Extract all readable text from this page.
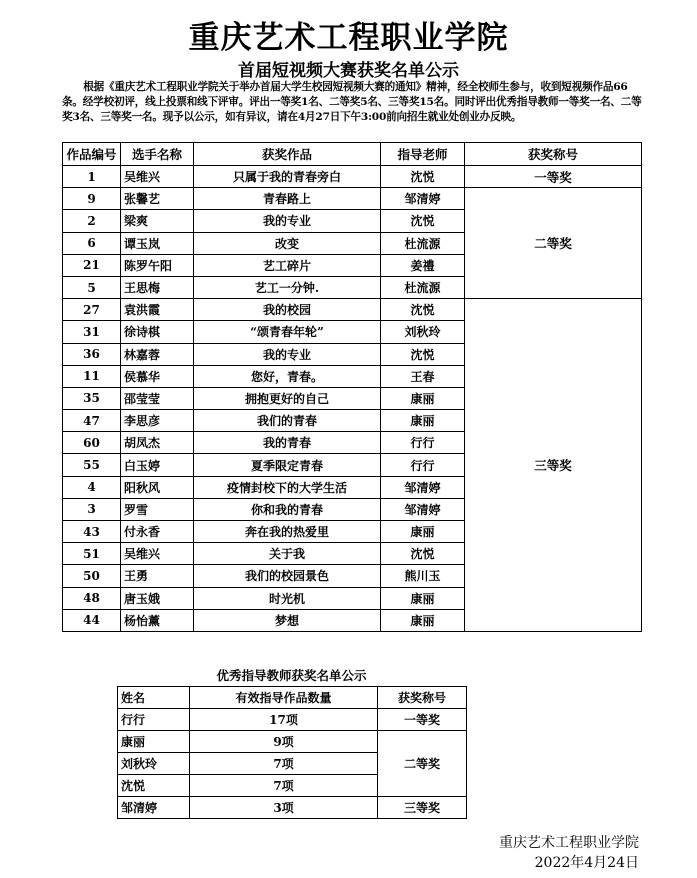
重庆艺术工程职业学院
首届短视频大赛获奖名单公示
根据《重庆艺术工程职业学院关于举办首届大学生校园短视频大赛的通知》精神，经全校师生参与，收到短视频作品66条。经学校初评，线上投票和线下评审。评出一等奖1名、二等奖5名、三等奖15名。同时评出优秀指导教师一等奖一名、二等奖3名、三等奖一名。现予以公示，如有异议，请在4月27日下午3:00前向招生就业处创业办反映。
作品编号	选手名称	获奖作品	指导老师	获奖称号
1	吴维兴	只属于我的青春旁白	沈悦	一等奖
9	张馨艺	青春路上	邹清婷	二等奖
2	梁爽	我的专业	沈悦	
6	谭玉岚	改变	杜流源	
21	陈罗午阳	艺工碎片	姜禮	
5	王思梅	艺工一分钟.	杜流源	
27	袁洪霞	我的校园	沈悦	三等奖
31	徐诗棋	“颂青春年轮”	刘秋玲	
36	林嘉蓉	我的专业	沈悦	
11	侯慕华	您好，青春。	王春	
35	邵莹莹	拥抱更好的自己	康丽	
47	李思彦	我们的青春	康丽	
60	胡凤杰	我的青春	行行	
55	白玉婷	夏季限定青春	行行	
4	阳秋风	疫情封校下的大学生活	邹清婷	
3	罗雪	你和我的青春	邹清婷	
43	付永香	奔在我的热爱里	康丽	
51	吴维兴	关于我	沈悦	
50	王勇	我们的校园景色	熊川玉	
48	唐玉娥	时光机	康丽	
44	杨怡薰	梦想	康丽	
优秀指导教师获奖名单公示
姓名	有效指导作品数量	获奖称号
行行	17项	一等奖
康丽	9项	二等奖
刘秋玲	7项	
沈悦	7项	
邹清婷	3项	三等奖
重庆艺术工程职业学院
2022年4月24日
